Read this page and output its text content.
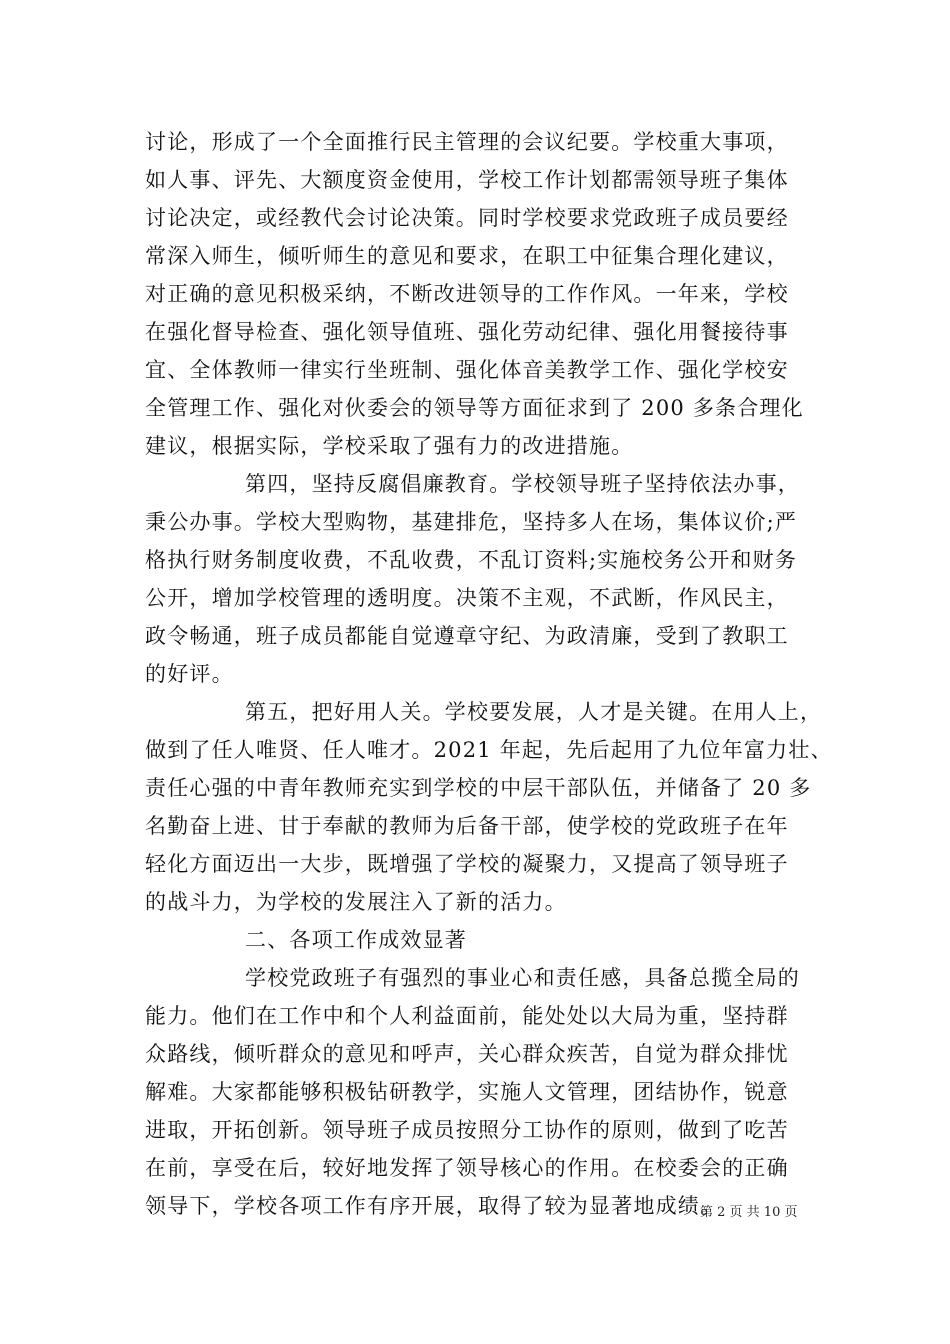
讨论，形成了一个全面推行民主管理的会议纪要。学校重大事项，
如人事、评先、大额度资金使用，学校工作计划都需领导班子集体
讨论决定，或经教代会讨论决策。同时学校要求党政班子成员要经
常深入师生，倾听师生的意见和要求，在职工中征集合理化建议，
对正确的意见积极采纳，不断改进领导的工作作风。一年来，学校
在强化督导检查、强化领导值班、强化劳动纪律、强化用餐接待事
宜、全体教师一律实行坐班制、强化体音美教学工作、强化学校安
全管理工作、强化对伙委会的领导等方面征求到了 200 多条合理化
建议，根据实际，学校采取了强有力的改进措施。
第四，坚持反腐倡廉教育。学校领导班子坚持依法办事，
秉公办事。学校大型购物，基建排危，坚持多人在场，集体议价;严
格执行财务制度收费，不乱收费，不乱订资料;实施校务公开和财务
公开，增加学校管理的透明度。决策不主观，不武断，作风民主，
政令畅通，班子成员都能自觉遵章守纪、为政清廉，受到了教职工
的好评。
第五，把好用人关。学校要发展，人才是关键。在用人上，
做到了任人唯贤、任人唯才。2021 年起，先后起用了九位年富力壮、
责任心强的中青年教师充实到学校的中层干部队伍，并储备了 20 多
名勤奋上进、甘于奉献的教师为后备干部，使学校的党政班子在年
轻化方面迈出一大步，既增强了学校的凝聚力，又提高了领导班子
的战斗力，为学校的发展注入了新的活力。
二、各项工作成效显著
学校党政班子有强烈的事业心和责任感，具备总揽全局的
能力。他们在工作中和个人利益面前，能处处以大局为重，坚持群
众路线，倾听群众的意见和呼声，关心群众疾苦，自觉为群众排忧
解难。大家都能够积极钻研教学，实施人文管理，团结协作，锐意
进取，开拓创新。领导班子成员按照分工协作的原则，做到了吃苦
在前，享受在后，较好地发挥了领导核心的作用。在校委会的正确
领导下，学校各项工作有序开展，取得了较为显著地成绩。
第 2 页 共 10 页
